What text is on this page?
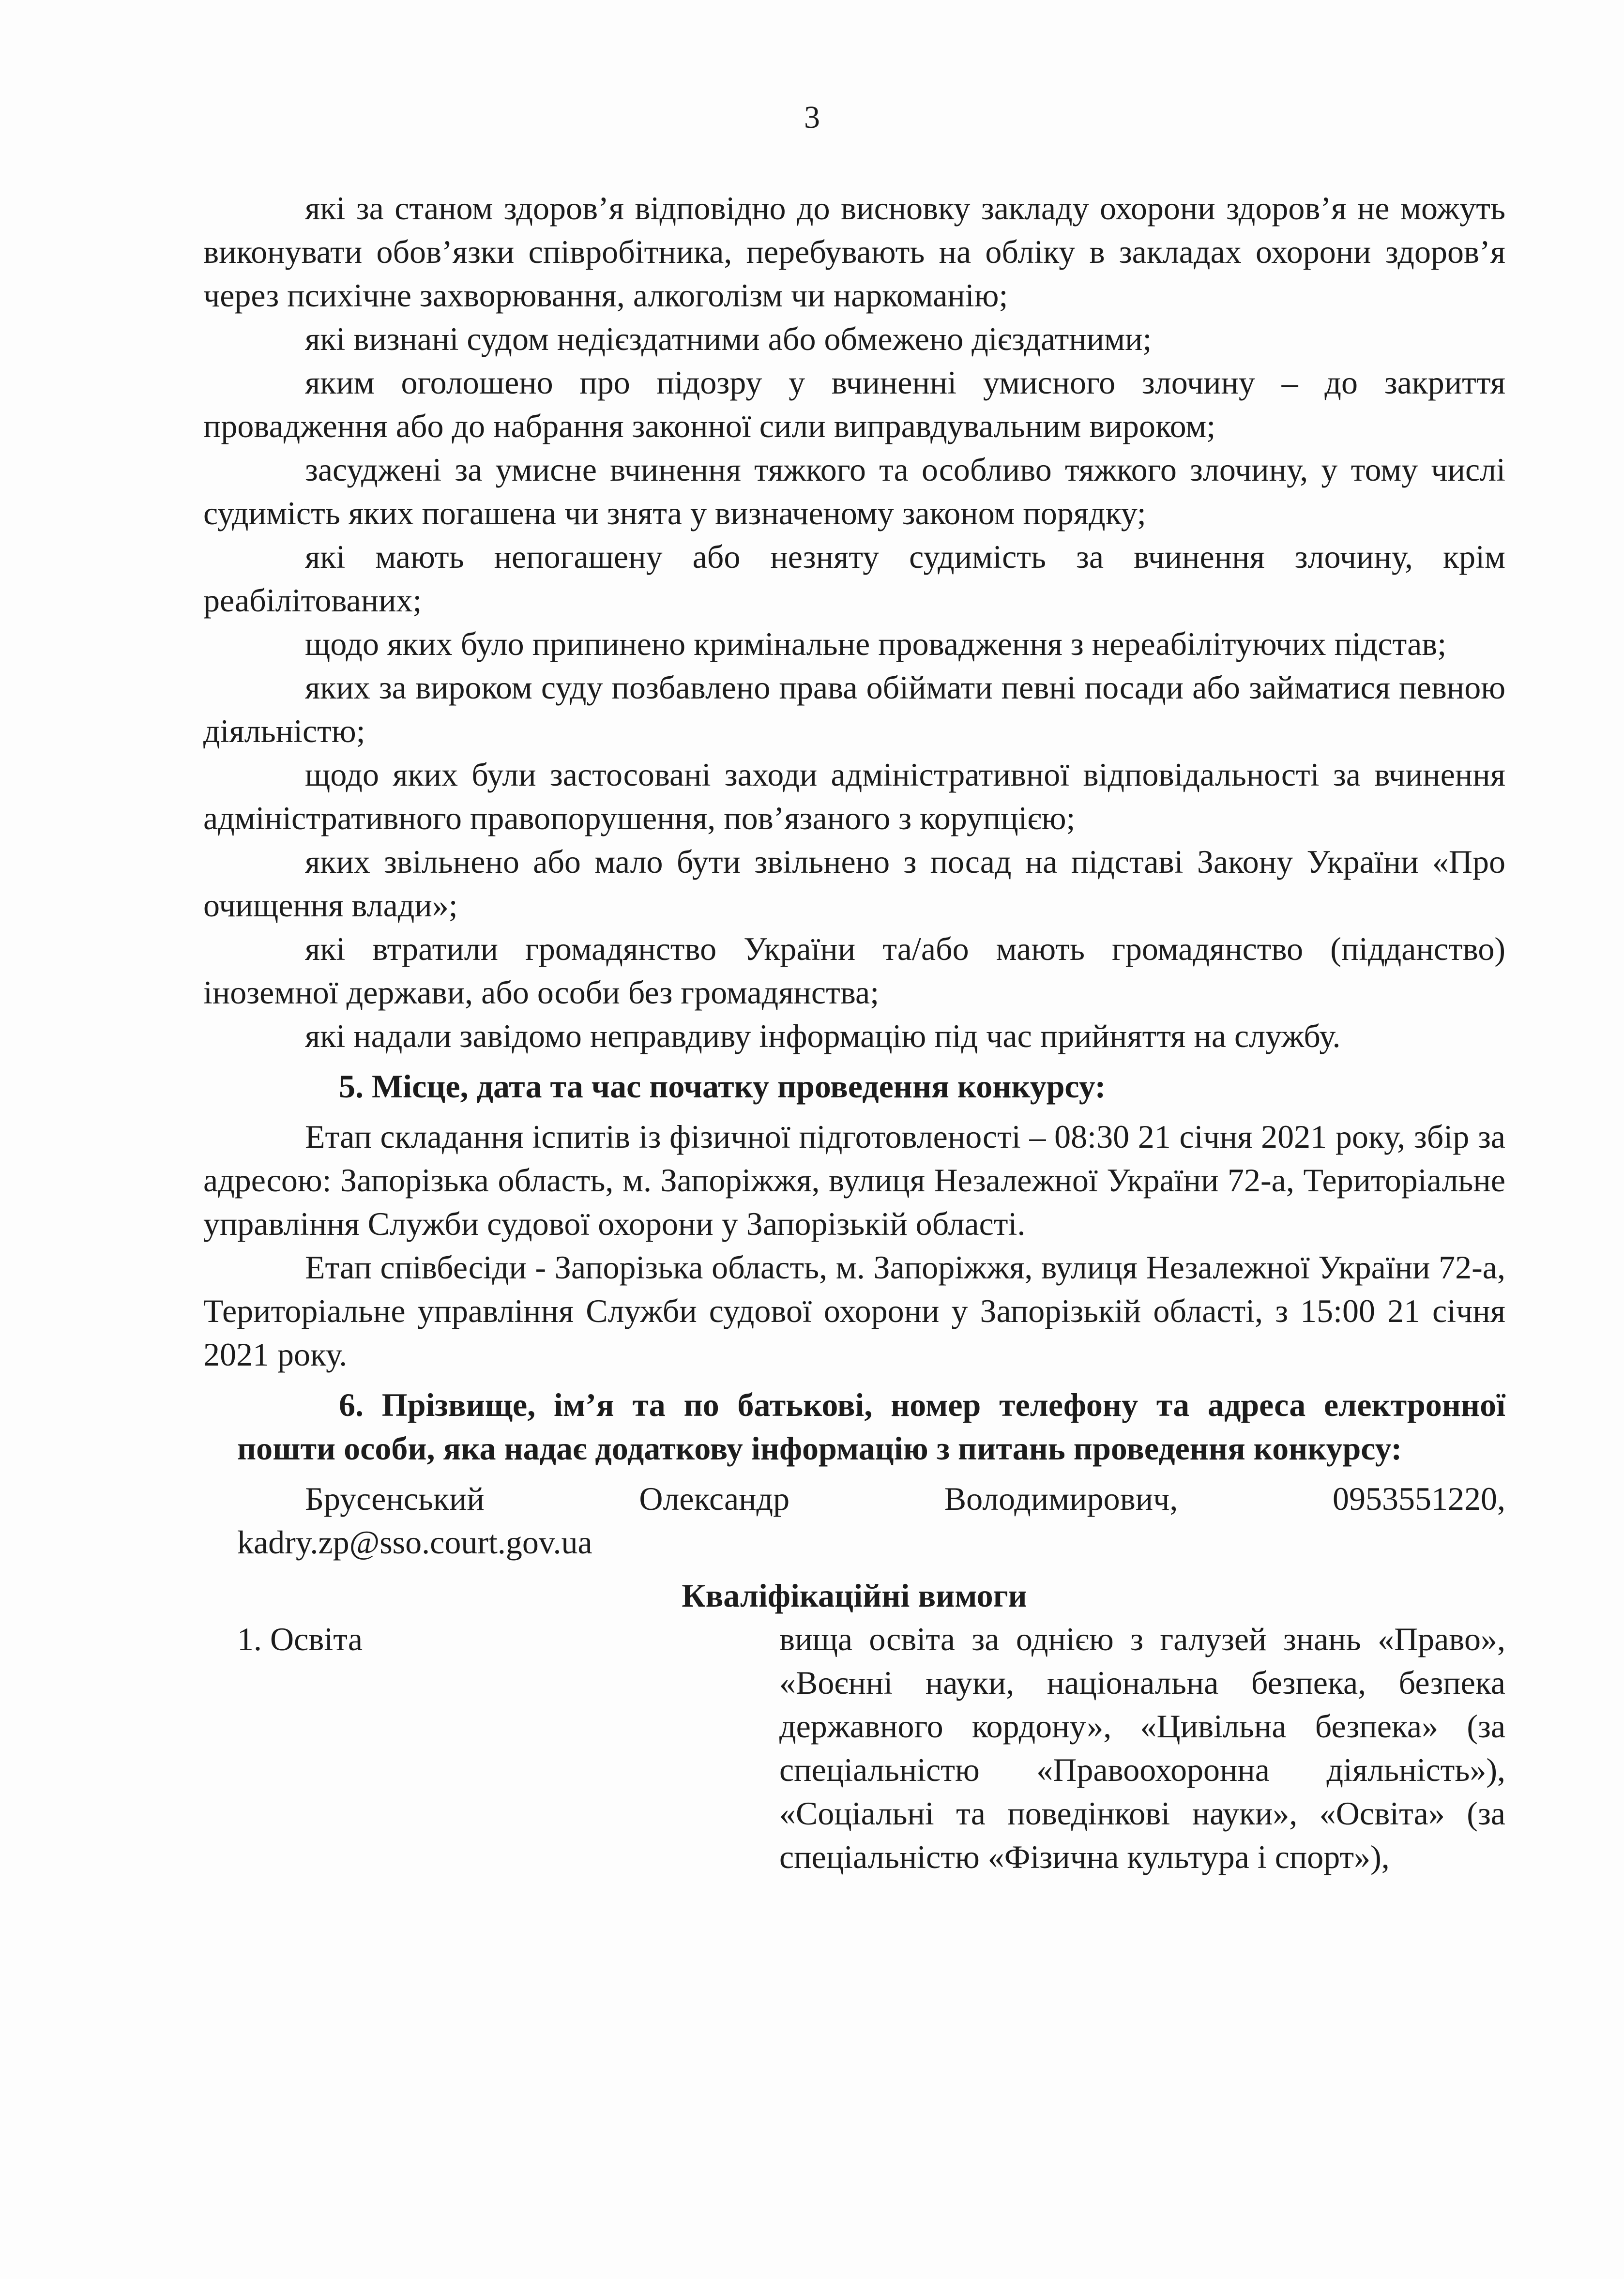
3

які за станом здоров’я відповідно до висновку закладу охорони здоров’я не можуть виконувати обов’язки співробітника, перебувають на обліку в закладах охорони здоров’я через психічне захворювання, алкоголізм чи наркоманію;

які визнані судом недієздатними або обмежено дієздатними;

яким оголошено про підозру у вчиненні умисного злочину – до закриття провадження або до набрання законної сили виправдувальним вироком;

засуджені за умисне вчинення тяжкого та особливо тяжкого злочину, у тому числі судимість яких погашена чи знята у визначеному законом порядку;

які мають непогашену або незняту судимість за вчинення злочину, крім реабілітованих;

щодо яких було припинено кримінальне провадження з нереабілітуючих підстав;

яких за вироком суду позбавлено права обіймати певні посади або займатися певною діяльністю;

щодо яких були застосовані заходи адміністративної відповідальності за вчинення адміністративного правопорушення, пов’язаного з корупцією;

яких звільнено або мало бути звільнено з посад на підставі Закону України «Про очищення влади»;

які втратили громадянство України та/або мають громадянство (підданство) іноземної держави, або особи без громадянства;

які надали завідомо неправдиву інформацію під час прийняття на службу.

5. Місце, дата та час початку проведення конкурсу:

Етап складання іспитів із фізичної підготовленості – 08:30 21 січня 2021 року, збір за адресою: Запорізька область, м. Запоріжжя, вулиця Незалежної України 72-а, Територіальне управління Служби судової охорони у Запорізькій області.

Етап співбесіди - Запорізька область, м. Запоріжжя, вулиця Незалежної України 72-а, Територіальне управління Служби судової охорони у Запорізькій області, з 15:00 21 січня 2021 року.

6. Прізвище, ім’я та по батькові, номер телефону та адреса електронної пошти особи, яка надає додаткову інформацію з питань проведення конкурсу:

Брусенський	Олександр	Володимирович,	0953551220,
kadry.zp@sso.court.gov.ua
Кваліфікаційні вимоги
1. Освіта	вища освіта за однією з галузей знань «Право», «Воєнні науки, національна безпека, безпека державного кордону», «Цивільна безпека» (за спеціальністю «Правоохоронна діяльність»), «Соціальні та поведінкові науки», «Освіта» (за спеціальністю «Фізична культура і спорт»),
